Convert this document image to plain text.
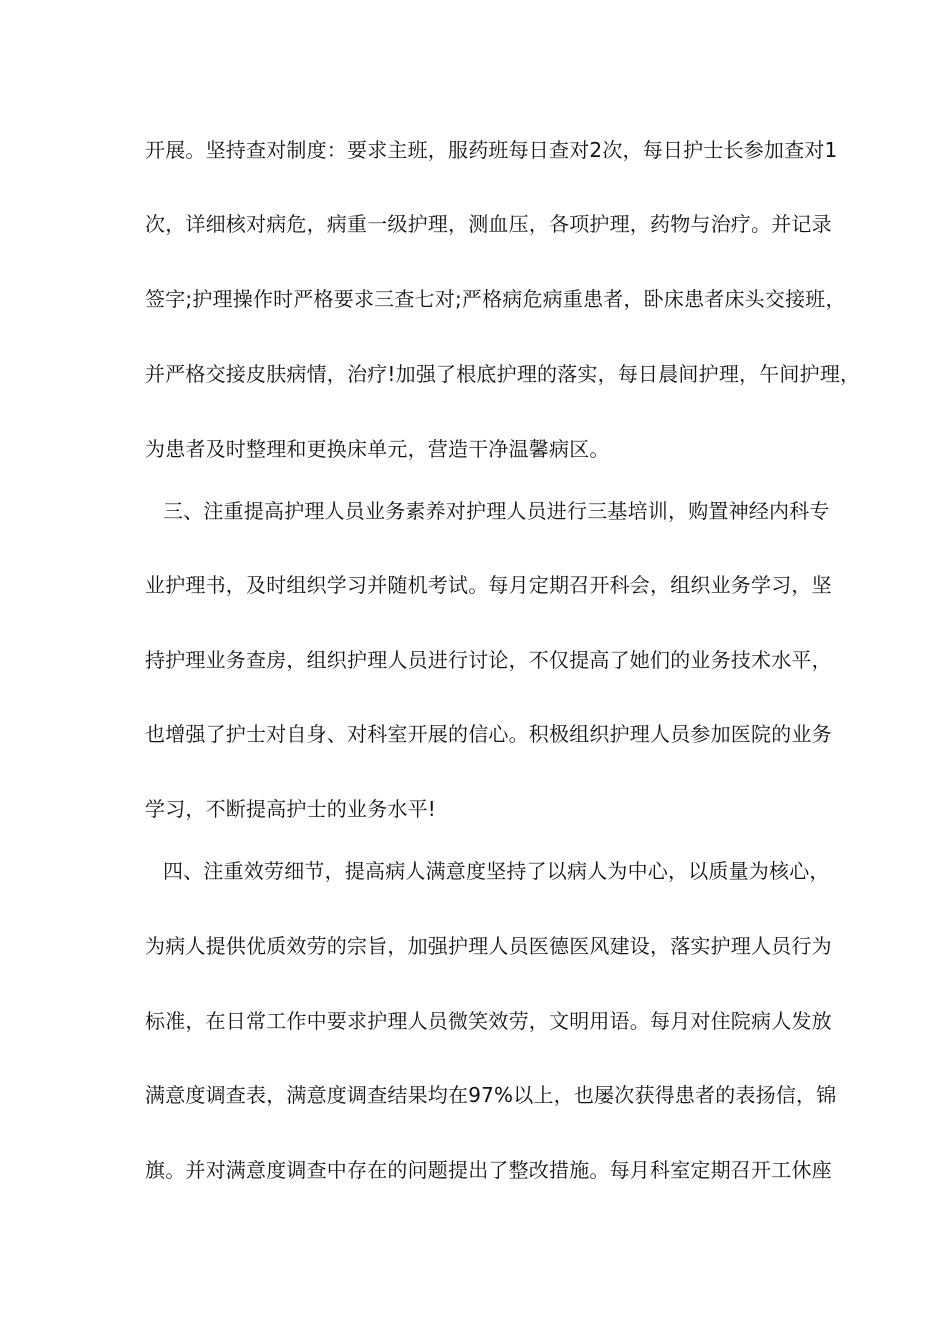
开展。坚持查对制度：要求主班，服药班每日查对2次，每日护士长参加查对1
次，详细核对病危，病重一级护理，测血压，各项护理，药物与治疗。并记录
签字;护理操作时严格要求三查七对;严格病危病重患者，卧床患者床头交接班，
并严格交接皮肤病情，治疗!加强了根底护理的落实，每日晨间护理，午间护理，
为患者及时整理和更换床单元，营造干净温馨病区。
三、注重提高护理人员业务素养对护理人员进行三基培训，购置神经内科专
业护理书，及时组织学习并随机考试。每月定期召开科会，组织业务学习，坚
持护理业务查房，组织护理人员进行讨论，不仅提高了她们的业务技术水平，
也增强了护士对自身、对科室开展的信心。积极组织护理人员参加医院的业务
学习，不断提高护士的业务水平!
四、注重效劳细节，提高病人满意度坚持了以病人为中心，以质量为核心，
为病人提供优质效劳的宗旨，加强护理人员医德医风建设，落实护理人员行为
标准，在日常工作中要求护理人员微笑效劳，文明用语。每月对住院病人发放
满意度调查表，满意度调查结果均在97%以上，也屡次获得患者的表扬信，锦
旗。并对满意度调查中存在的问题提出了整改措施。每月科室定期召开工休座
